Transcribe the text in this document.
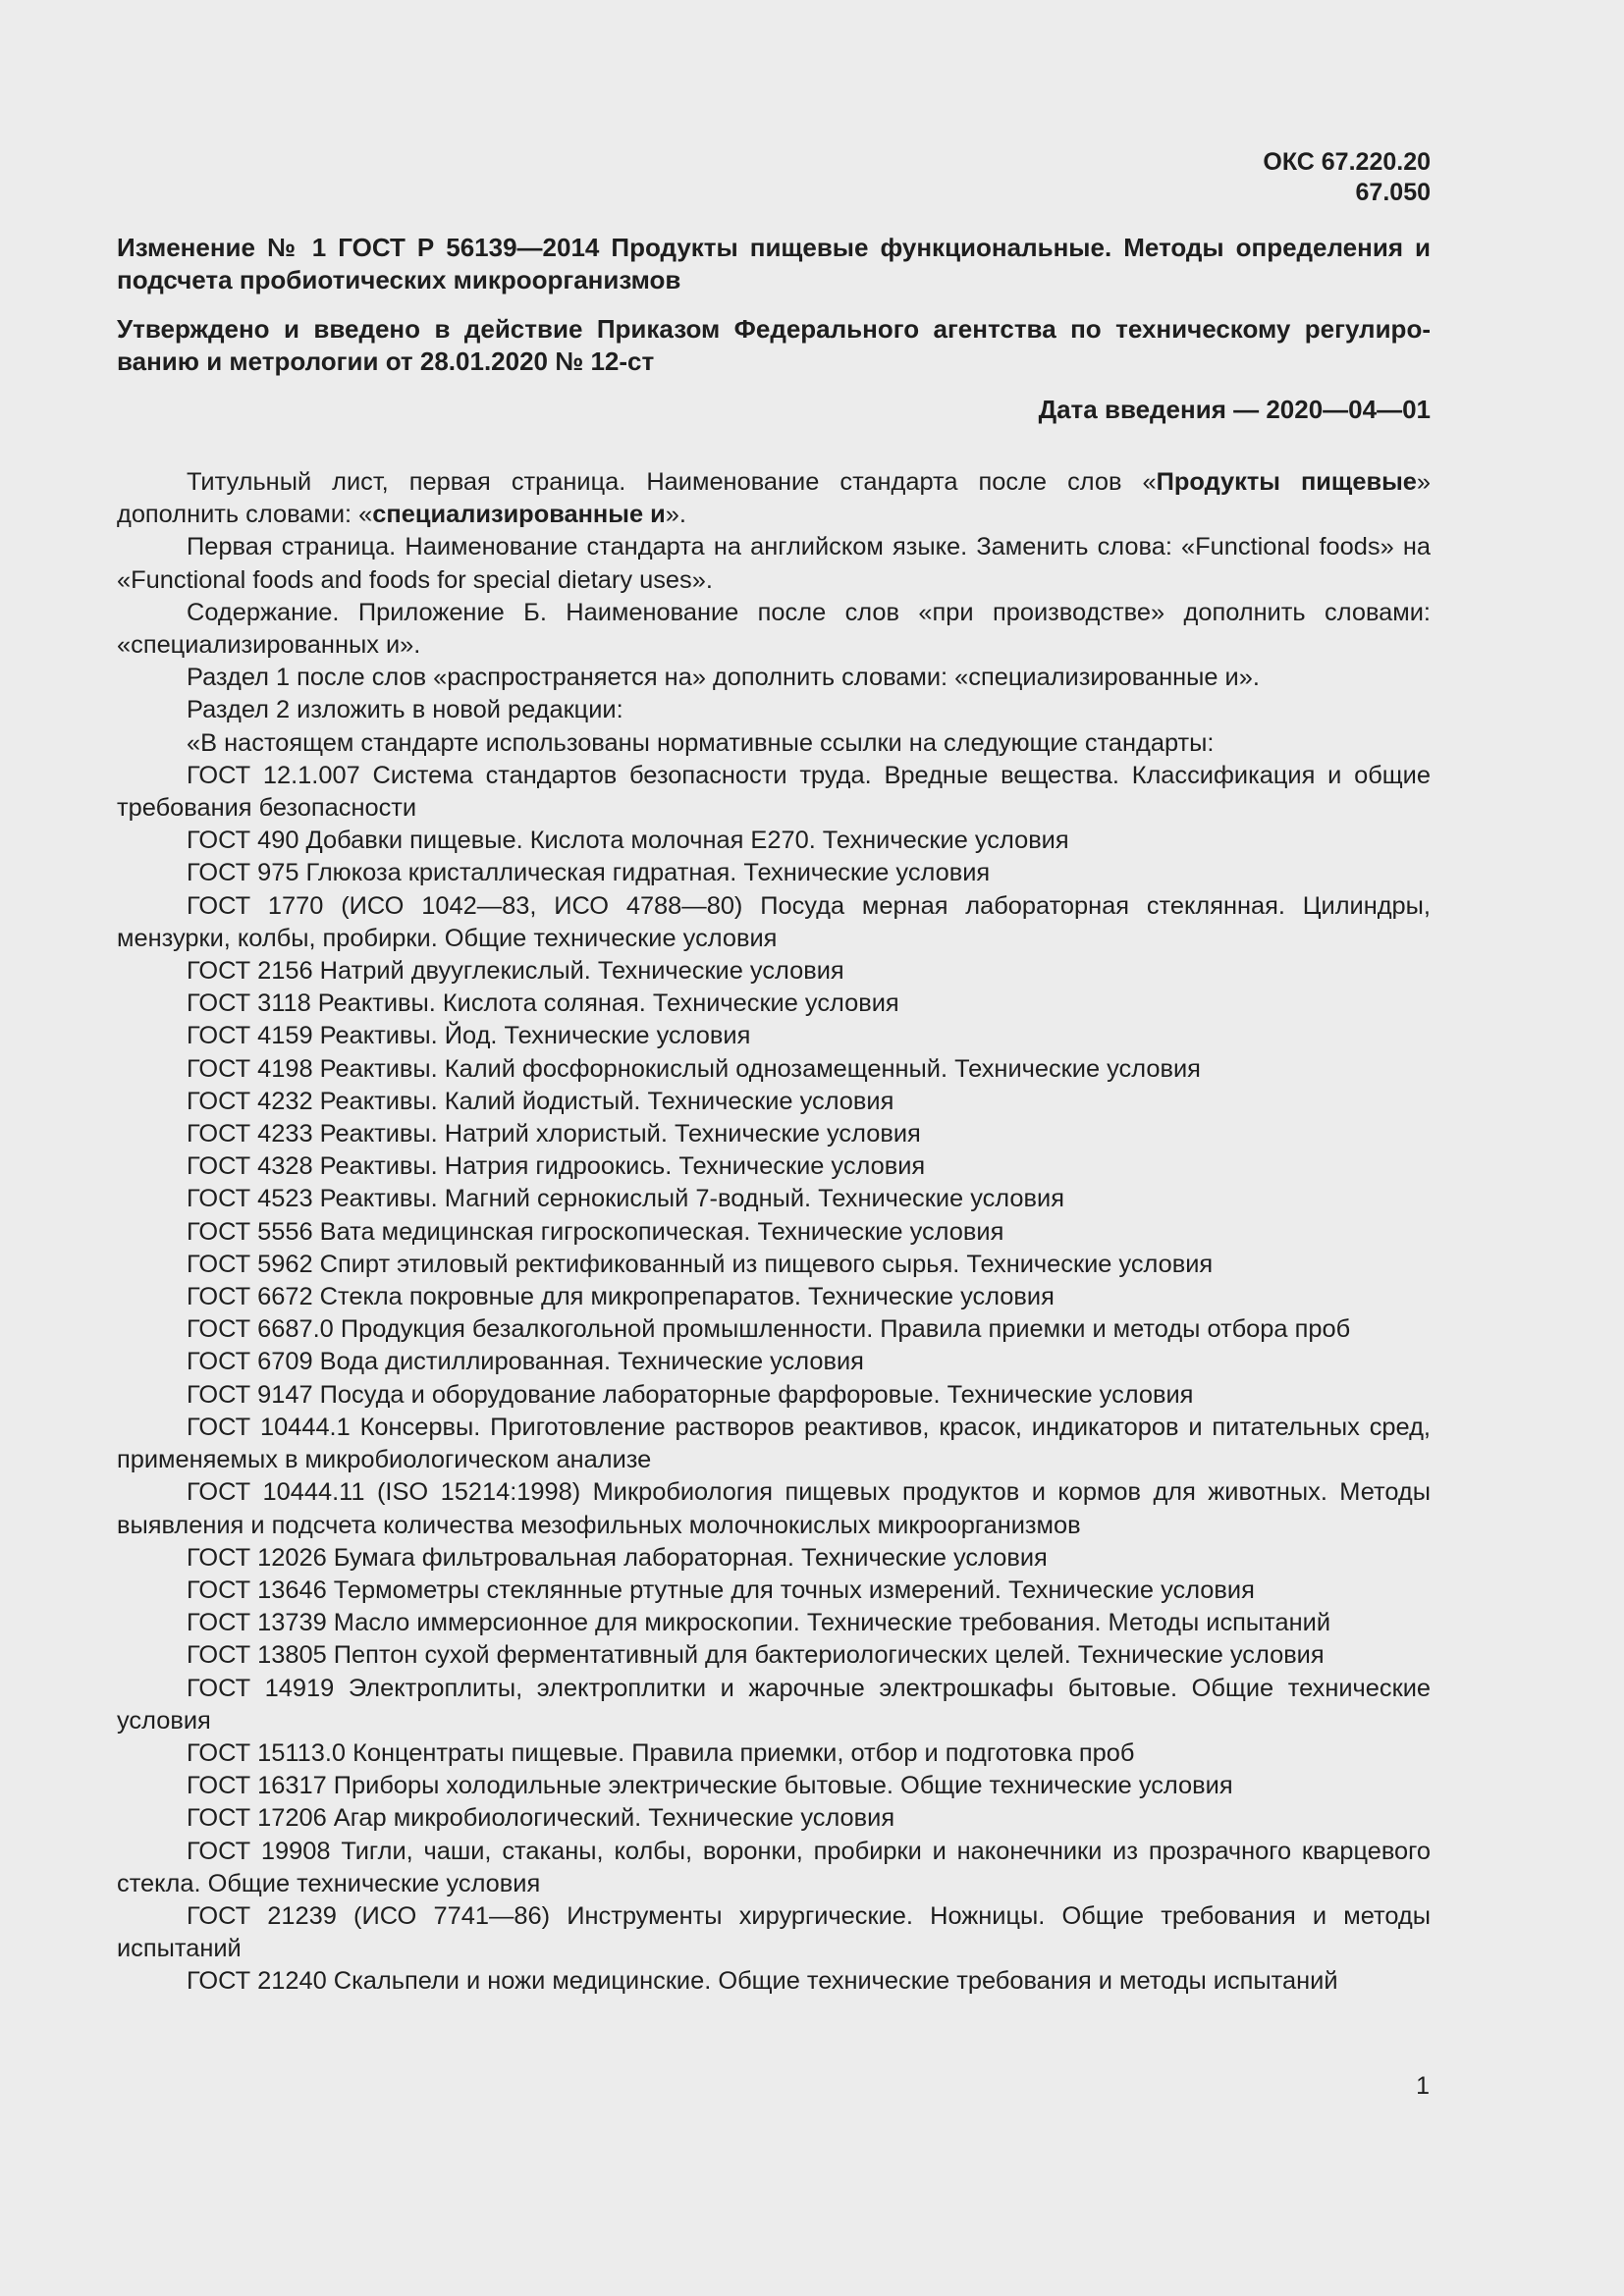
ОКС 67.220.20
67.050
Изменение № 1 ГОСТ Р 56139—2014 Продукты пищевые функциональные. Методы определения и подсчета пробиотических микроорганизмов
Утверждено и введено в действие Приказом Федерального агентства по техническому регулированию и метрологии от 28.01.2020 № 12-ст
Дата введения — 2020—04—01

Титульный лист, первая страница. Наименование стандарта после слов «Продукты пищевые» дополнить словами: «специализированные и».

Первая страница. Наименование стандарта на английском языке. Заменить слова: «Functional foods» на «Functional foods and foods for special dietary uses».

Содержание. Приложение Б. Наименование после слов «при производстве» дополнить словами: «специализированных и».

Раздел 1 после слов «распространяется на» дополнить словами: «специализированные и».

Раздел 2 изложить в новой редакции:

«В настоящем стандарте использованы нормативные ссылки на следующие стандарты:

ГОСТ 12.1.007 Система стандартов безопасности труда. Вредные вещества. Классификация и общие требования безопасности

ГОСТ 490 Добавки пищевые. Кислота молочная Е270. Технические условия

ГОСТ 975 Глюкоза кристаллическая гидратная. Технические условия

ГОСТ 1770 (ИСО 1042—83, ИСО 4788—80) Посуда мерная лабораторная стеклянная. Цилиндры, мензурки, колбы, пробирки. Общие технические условия

ГОСТ 2156 Натрий двууглекислый. Технические условия

ГОСТ 3118 Реактивы. Кислота соляная. Технические условия

ГОСТ 4159 Реактивы. Йод. Технические условия

ГОСТ 4198 Реактивы. Калий фосфорнокислый однозамещенный. Технические условия

ГОСТ 4232 Реактивы. Калий йодистый. Технические условия

ГОСТ 4233 Реактивы. Натрий хлористый. Технические условия

ГОСТ 4328 Реактивы. Натрия гидроокись. Технические условия

ГОСТ 4523 Реактивы. Магний сернокислый 7-водный. Технические условия

ГОСТ 5556 Вата медицинская гигроскопическая. Технические условия

ГОСТ 5962 Спирт этиловый ректификованный из пищевого сырья. Технические условия

ГОСТ 6672 Стекла покровные для микропрепаратов. Технические условия

ГОСТ 6687.0 Продукция безалкогольной промышленности. Правила приемки и методы отбора проб

ГОСТ 6709 Вода дистиллированная. Технические условия

ГОСТ 9147 Посуда и оборудование лабораторные фарфоровые. Технические условия

ГОСТ 10444.1 Консервы. Приготовление растворов реактивов, красок, индикаторов и питательных сред, применяемых в микробиологическом анализе

ГОСТ 10444.11 (ISO 15214:1998) Микробиология пищевых продуктов и кормов для животных. Методы выявления и подсчета количества мезофильных молочнокислых микроорганизмов

ГОСТ 12026 Бумага фильтровальная лабораторная. Технические условия

ГОСТ 13646 Термометры стеклянные ртутные для точных измерений. Технические условия

ГОСТ 13739 Масло иммерсионное для микроскопии. Технические требования. Методы испытаний

ГОСТ 13805 Пептон сухой ферментативный для бактериологических целей. Технические условия

ГОСТ 14919 Электроплиты, электроплитки и жарочные электрошкафы бытовые. Общие технические условия

ГОСТ 15113.0 Концентраты пищевые. Правила приемки, отбор и подготовка проб

ГОСТ 16317 Приборы холодильные электрические бытовые. Общие технические условия

ГОСТ 17206 Агар микробиологический. Технические условия

ГОСТ 19908 Тигли, чаши, стаканы, колбы, воронки, пробирки и наконечники из прозрачного кварцевого стекла. Общие технические условия

ГОСТ 21239 (ИСО 7741—86) Инструменты хирургические. Ножницы. Общие требования и методы испытаний

ГОСТ 21240 Скальпели и ножи медицинские. Общие технические требования и методы испытаний

1
